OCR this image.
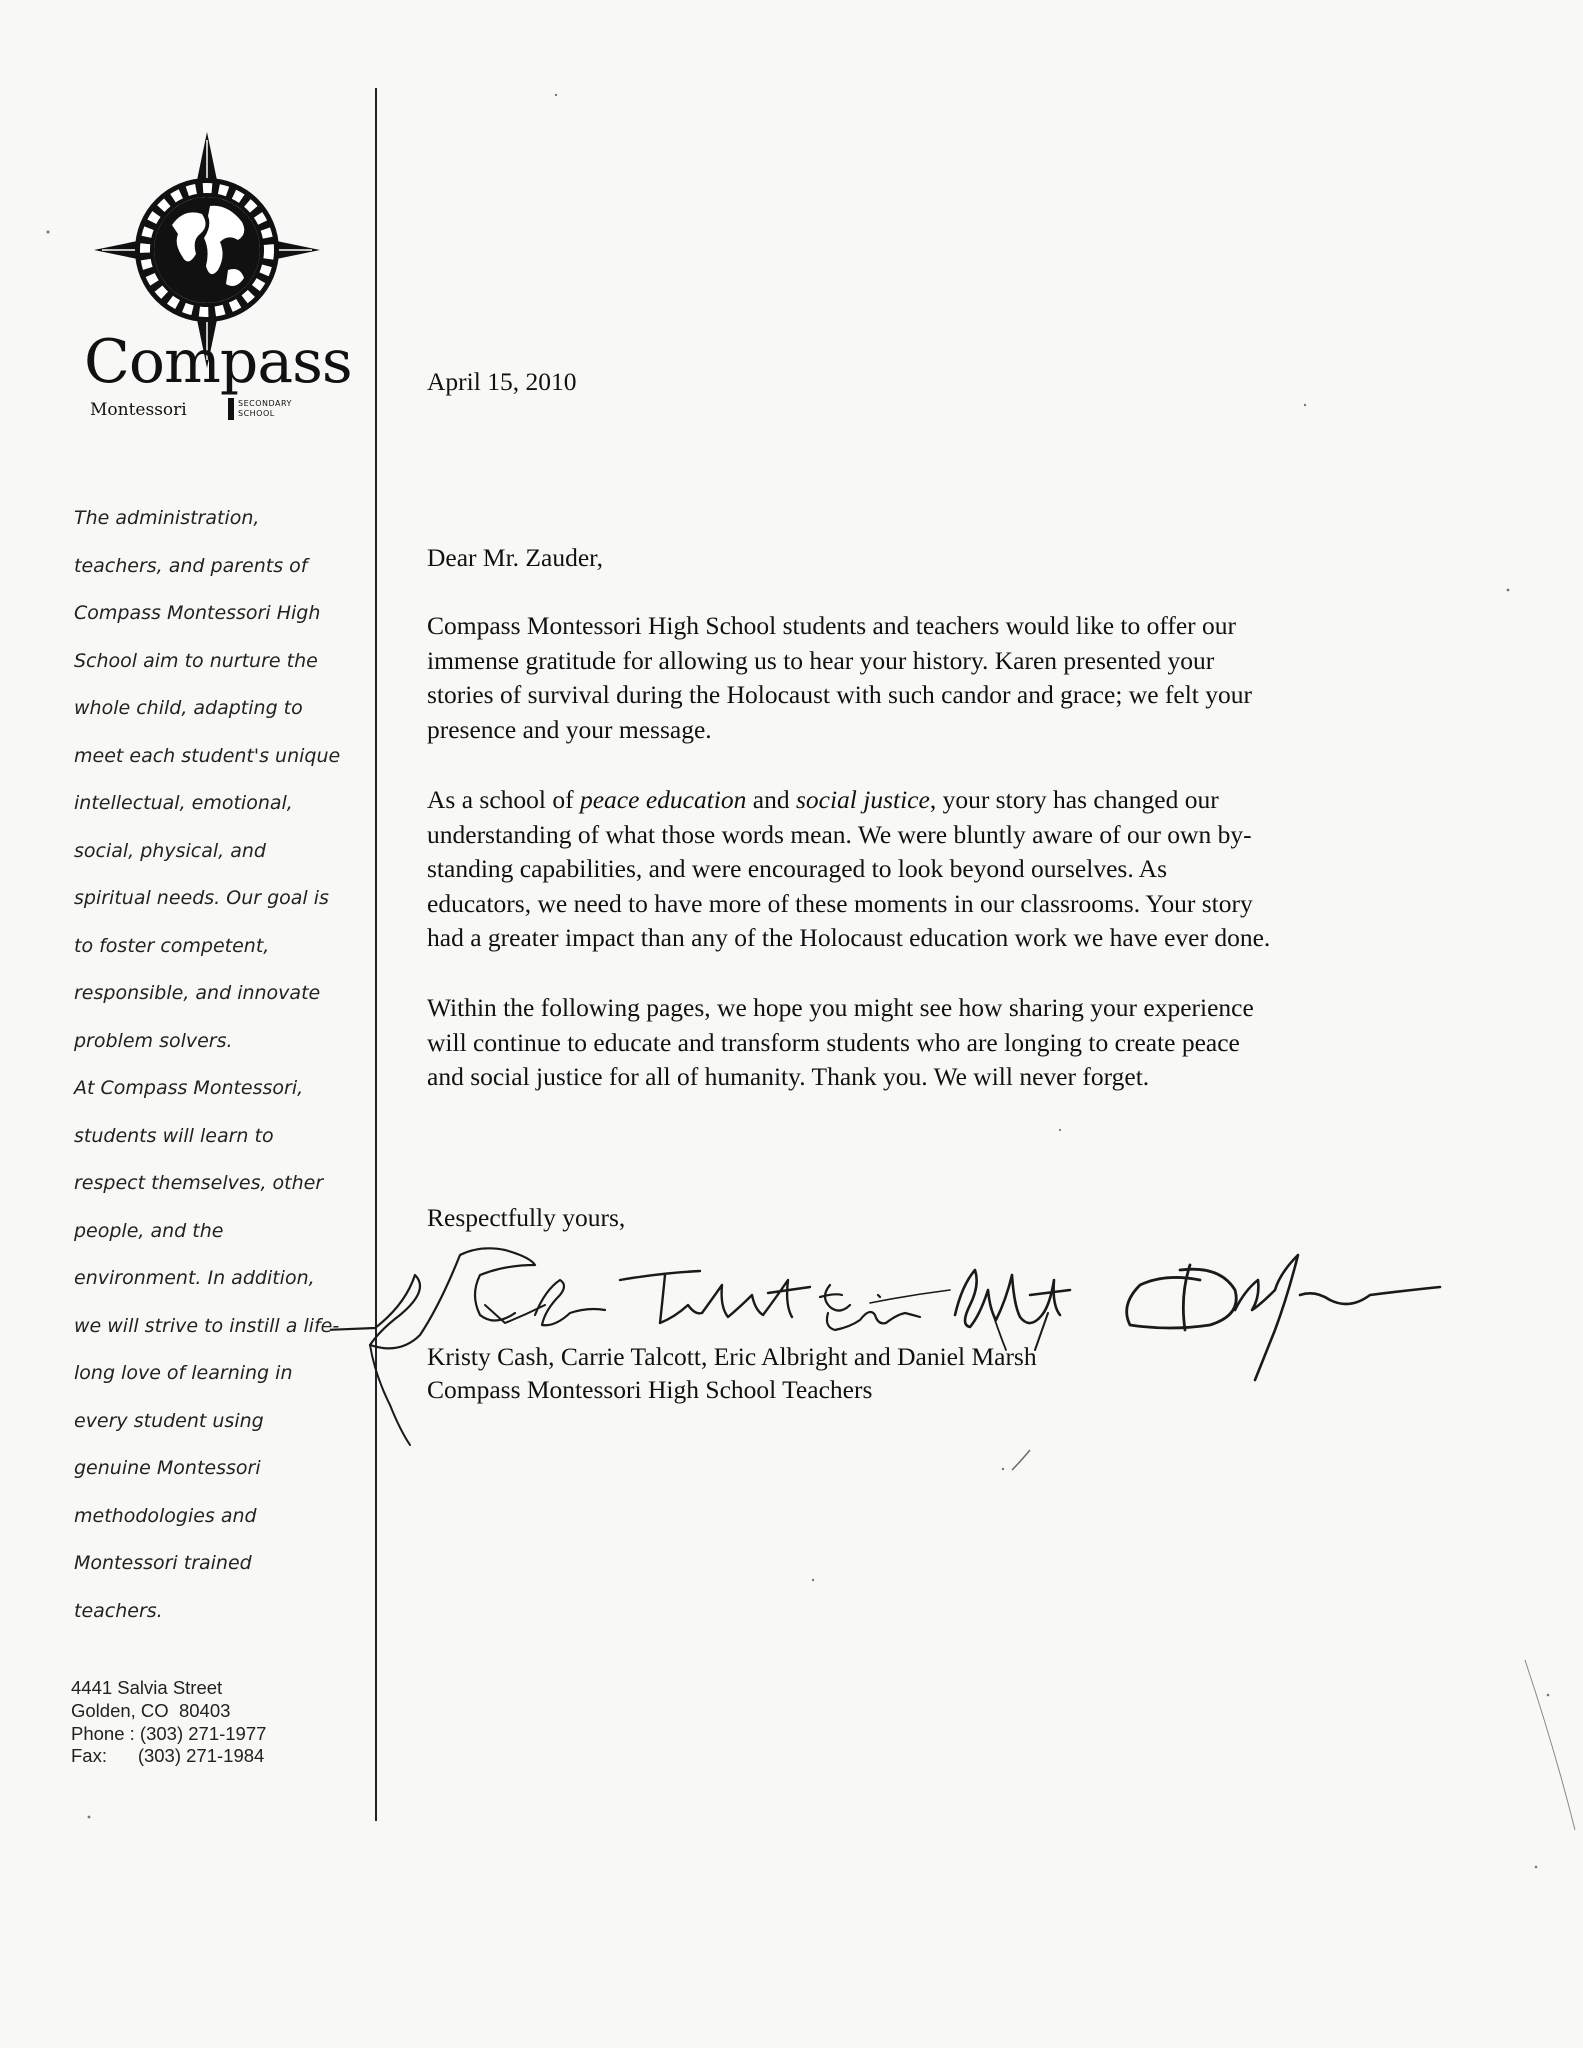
Compass
Montessori	SECONDARY
SCHOOL
The administration,
teachers, and parents of
Compass Montessori High
School aim to nurture the
whole child, adapting to
meet each student's unique
intellectual, emotional,
social, physical, and
spiritual needs. Our goal is
to foster competent,
responsible, and innovate
problem solvers.
At Compass Montessori,
students will learn to
respect themselves, other
people, and the
environment. In addition,
we will strive to instill a life-
long love of learning in
every student using
genuine Montessori
methodologies and
Montessori trained
teachers.
4441 Salvia Street
Golden, CO  80403
Phone : (303) 271-1977
Fax:      (303) 271-1984
April 15, 2010
Dear Mr. Zauder,
Compass Montessori High School students and teachers would like to offer our
immense gratitude for allowing us to hear your history. Karen presented your
stories of survival during the Holocaust with such candor and grace; we felt your
presence and your message.
As a school of peace education and social justice, your story has changed our
understanding of what those words mean. We were bluntly aware of our own by-
standing capabilities, and were encouraged to look beyond ourselves. As
educators, we need to have more of these moments in our classrooms. Your story
had a greater impact than any of the Holocaust education work we have ever done.
Within the following pages, we hope you might see how sharing your experience
will continue to educate and transform students who are longing to create peace
and social justice for all of humanity. Thank you. We will never forget.
Respectfully yours,
Kristy Cash, Carrie Talcott, Eric Albright and Daniel Marsh
Compass Montessori High School Teachers
